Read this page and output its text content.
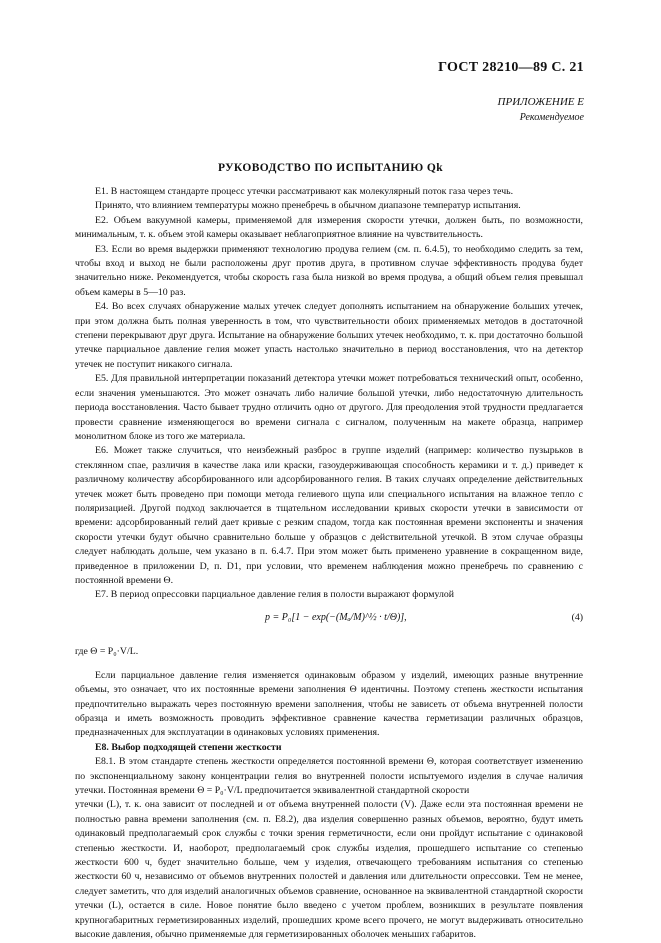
ГОСТ 28210—89 С. 21
ПРИЛОЖЕНИЕ Е
Рекомендуемое
РУКОВОДСТВО ПО ИСПЫТАНИЮ Qk

Е1. В настоящем стандарте процесс утечки рассматривают как молекулярный поток газа через течь.

Принято, что влиянием температуры можно пренебречь в обычном диапазоне температур испытания.

Е2. Объем вакуумной камеры, применяемой для измерения скорости утечки, должен быть, по возможности, минимальным, т. к. объем этой камеры оказывает неблагоприятное влияние на чувствительность.

Е3. Если во время выдержки применяют технологию продува гелием (см. п. 6.4.5), то необходимо следить за тем, чтобы вход и выход не были расположены друг против друга, в противном случае эффективность продува будет значительно ниже. Рекомендуется, чтобы скорость газа была низкой во время продува, а общий объем гелия превышал объем камеры в 5—10 раз.

Е4. Во всех случаях обнаружение малых утечек следует дополнять испытанием на обнаружение больших утечек, при этом должна быть полная уверенность в том, что чувствительности обоих применяемых методов в достаточной степени перекрывают друг друга. Испытание на обнаружение больших утечек необходимо, т. к. при достаточно большой утечке парциальное давление гелия может упасть настолько значительно в период восстановления, что на детектор утечек не поступит никакого сигнала.

Е5. Для правильной интерпретации показаний детектора утечки может потребоваться технический опыт, особенно, если значения уменьшаются. Это может означать либо наличие большой утечки, либо недостаточную длительность периода восстановления. Часто бывает трудно отличить одно от другого. Для преодоления этой трудности предлагается провести сравнение изменяющегося во времени сигнала с сигналом, полученным на макете образца, например монолитном блоке из того же материала.

Е6. Может также случиться, что неизбежный разброс в группе изделий (например: количество пузырьков в стеклянном спае, различия в качестве лака или краски, газоудерживающая способность керамики и т. д.) приведет к различному количеству абсорбированного или адсорбированного гелия. В таких случаях определение действительных утечек может быть проведено при помощи метода гелиевого щупа или специального испытания на влажное тепло с поляризацией. Другой подход заключается в тщательном исследовании кривых скорости утечки в зависимости от времени: адсорбированный гелий дает кривые с резким спадом, тогда как постоянная времени экспоненты и значения скорости утечки будут обычно сравнительно больше у образцов с действительной утечкой. В этом случае образцы следует наблюдать дольше, чем указано в п. 6.4.7. При этом может быть применено уравнение в сокращенном виде, приведенное в приложении D, п. D1, при условии, что временем наблюдения можно пренебречь по сравнению с постоянной времени Θ.

Е7. В период опрессовки парциальное давление гелия в полости выражают формулой

p = P₀[1 − exp(−(Mₐ/M)^½ · t/Θ)],	(4)

где Θ = P₀·V/L.

Если парциальное давление гелия изменяется одинаковым образом у изделий, имеющих разные внутренние объемы, это означает, что их постоянные времени заполнения Θ идентичны. Поэтому степень жесткости испытания предпочтительно выражать через постоянную времени заполнения, чтобы не зависеть от объема внутренней полости образца и иметь возможность проводить эффективное сравнение качества герметизации различных образцов, предназначенных для эксплуатации в одинаковых условиях применения.

Е8. Выбор подходящей степени жесткости

Е8.1. В этом стандарте степень жесткости определяется постоянной времени Θ, которая соответствует изменению по экспоненциальному закону концентрации гелия во внутренней полости испытуемого изделия в случае наличия утечки. Постоянная времени Θ = P₀·V/L предпочитается эквивалентной стандартной скорости

утечки (L), т. к. она зависит от последней и от объема внутренней полости (V). Даже если эта постоянная времени не полностью равна времени заполнения (см. п. Е8.2), два изделия совершенно разных объемов, вероятно, будут иметь одинаковый предполагаемый срок службы с точки зрения герметичности, если они пройдут испытание с одинаковой степенью жесткости. И, наоборот, предполагаемый срок службы изделия, прошедшего испытание со степенью жесткости 600 ч, будет значительно больше, чем у изделия, отвечающего требованиям испытания со степенью жесткости 60 ч, независимо от объемов внутренних полостей и давления или длительности опрессовки. Тем не менее, следует заметить, что для изделий аналогичных объемов сравнение, основанное на эквивалентной стандартной скорости утечки (L), остается в силе. Новое понятие было введено с учетом проблем, возникших в результате появления крупногабаритных герметизированных изделий, прошедших кроме всего прочего, не могут выдерживать относительно высокие давления, обычно применяемые для герметизированных оболочек меньших габаритов.
